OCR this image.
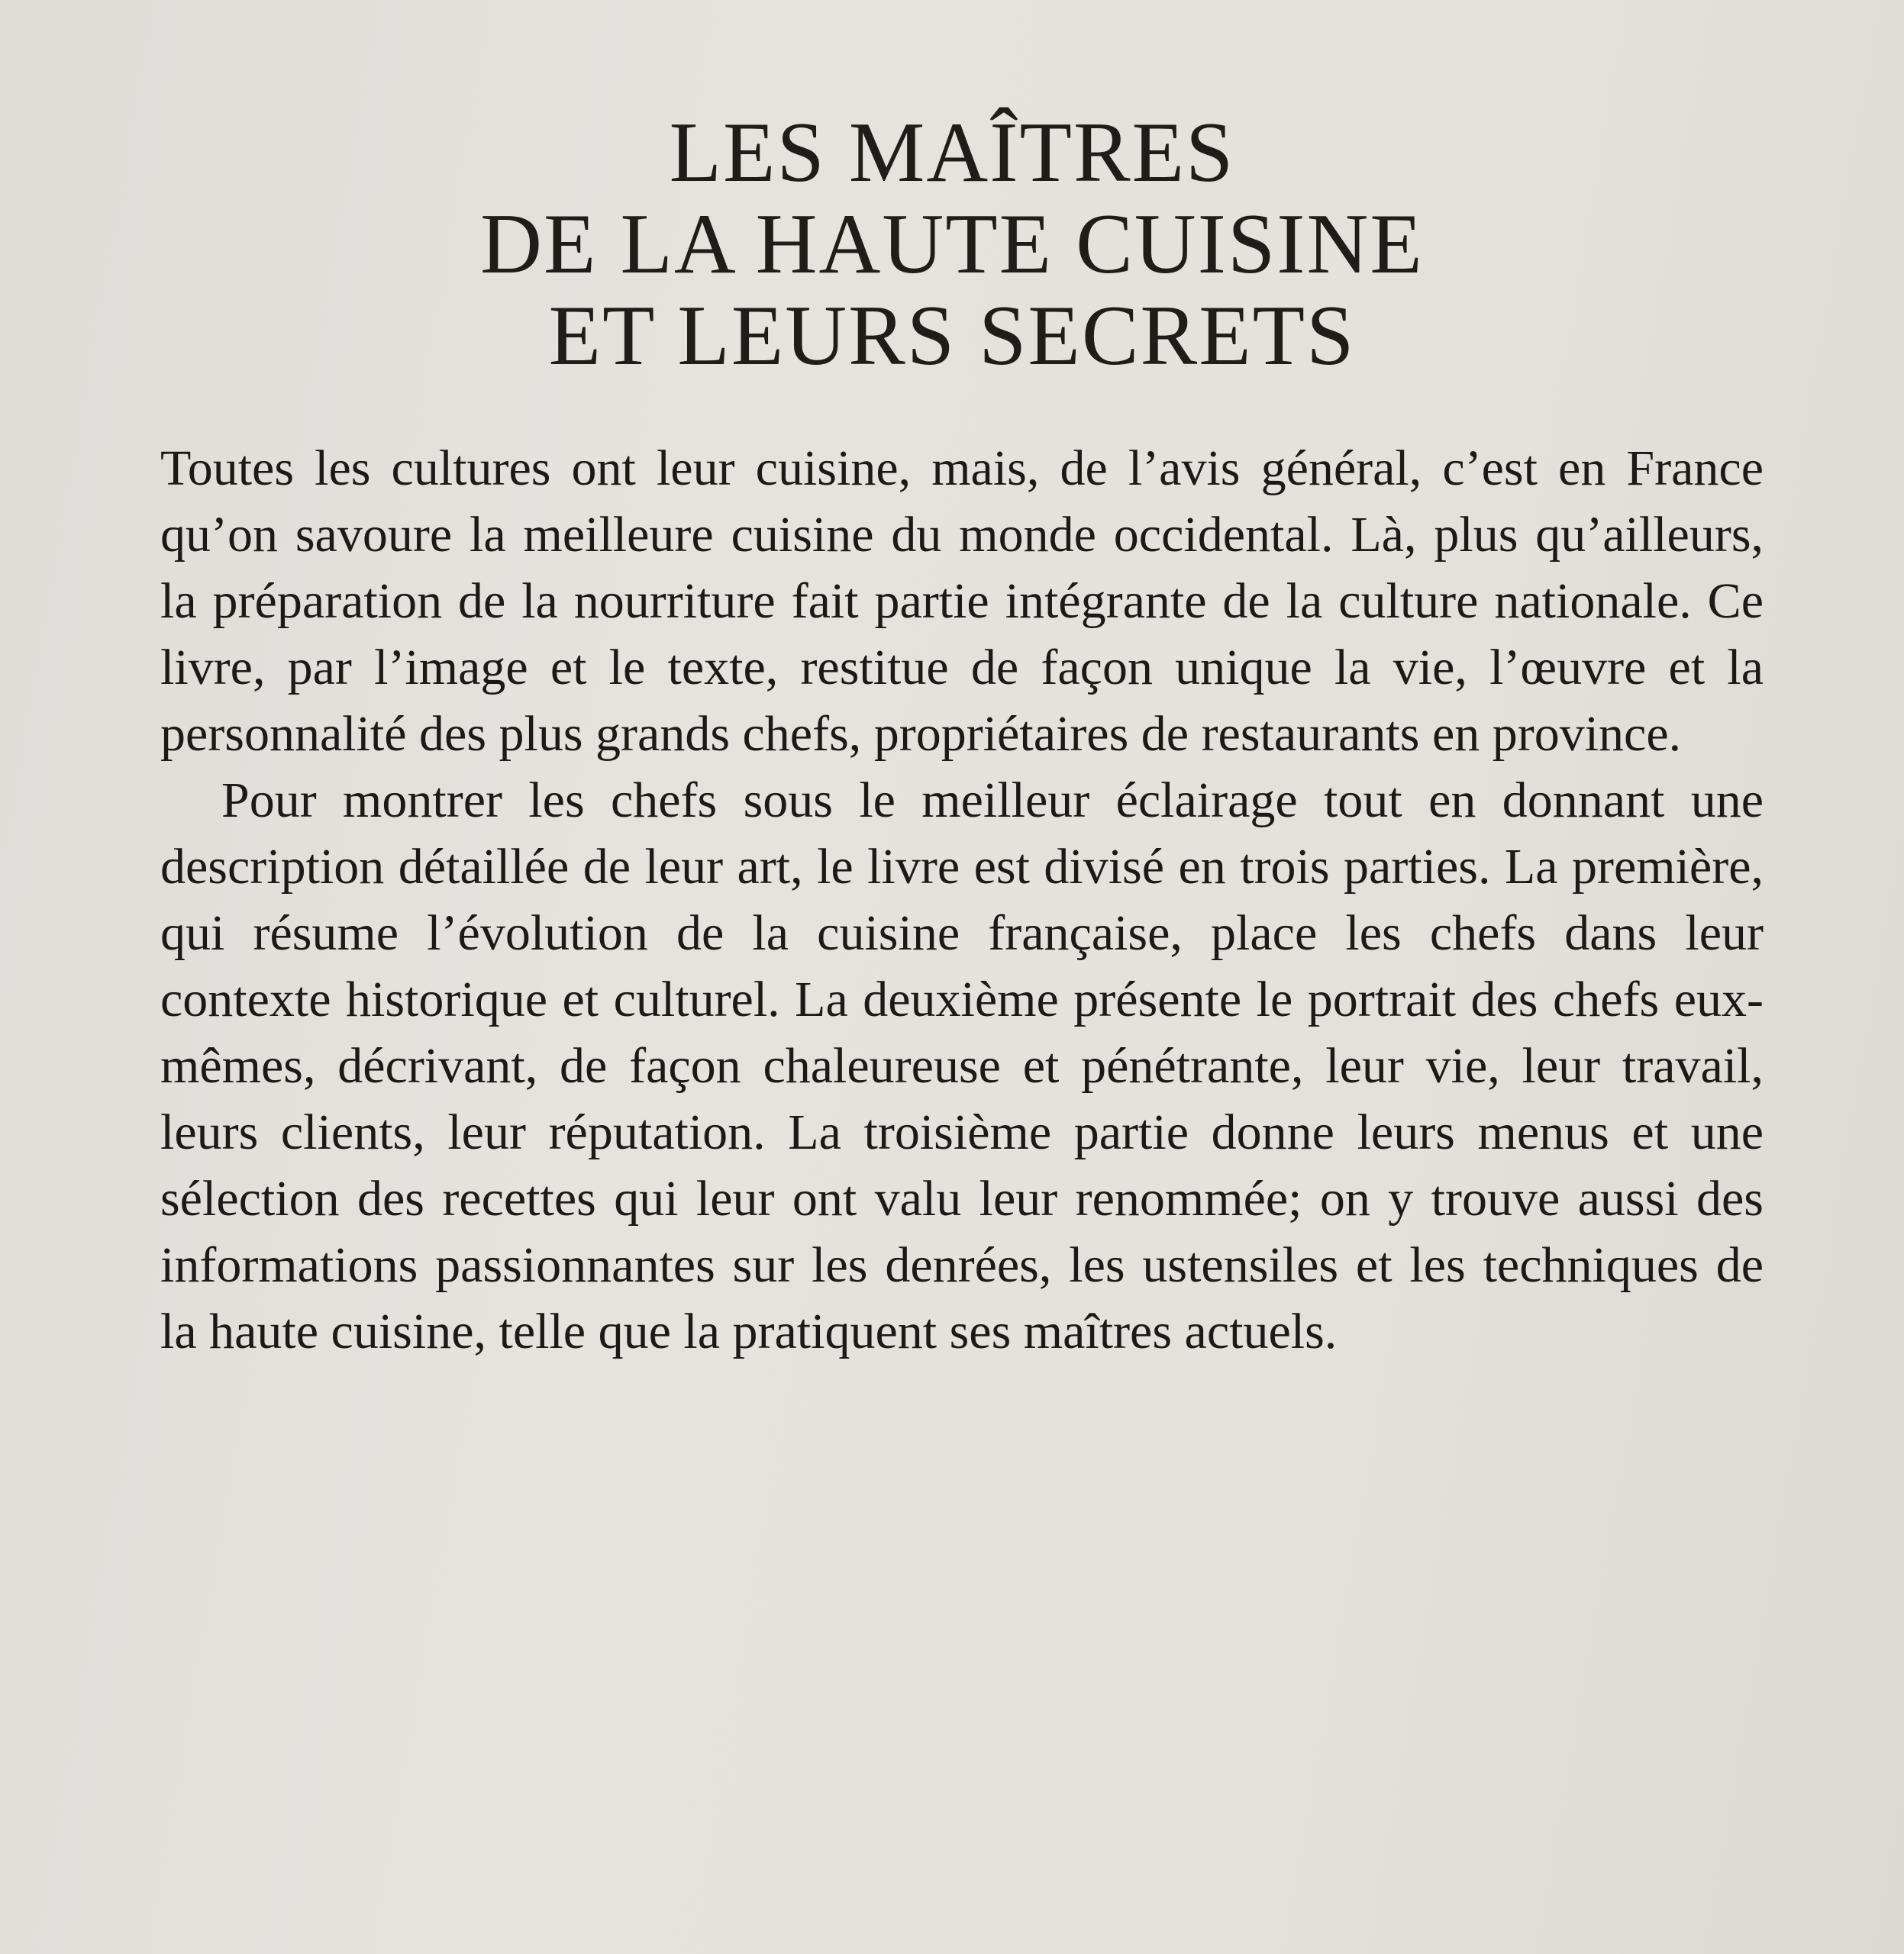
LES MAÎTRES
DE LA HAUTE CUISINE
ET LEURS SECRETS

Toutes les cultures ont leur cuisine, mais, de l’avis général, c’est en France qu’on savoure la meilleure cuisine du monde occidental. Là, plus qu’ailleurs, la préparation de la nourriture fait partie intégrante de la culture nationale. Ce livre, par l’image et le texte, restitue de façon unique la vie, l’œuvre et la personnalité des plus grands chefs, propriétaires de restaurants en province.

Pour montrer les chefs sous le meilleur éclairage tout en donnant une description détaillée de leur art, le livre est divisé en trois parties. La première, qui résume l’évolution de la cuisine française, place les chefs dans leur contexte historique et culturel. La deuxième présente le portrait des chefs eux-mêmes, décrivant, de façon chaleureuse et pénétrante, leur vie, leur travail, leurs clients, leur réputation. La troisième partie donne leurs menus et une sélection des recettes qui leur ont valu leur renommée; on y trouve aussi des informations passionnantes sur les denrées, les ustensiles et les techniques de la haute cuisine, telle que la pratiquent ses maîtres actuels.
